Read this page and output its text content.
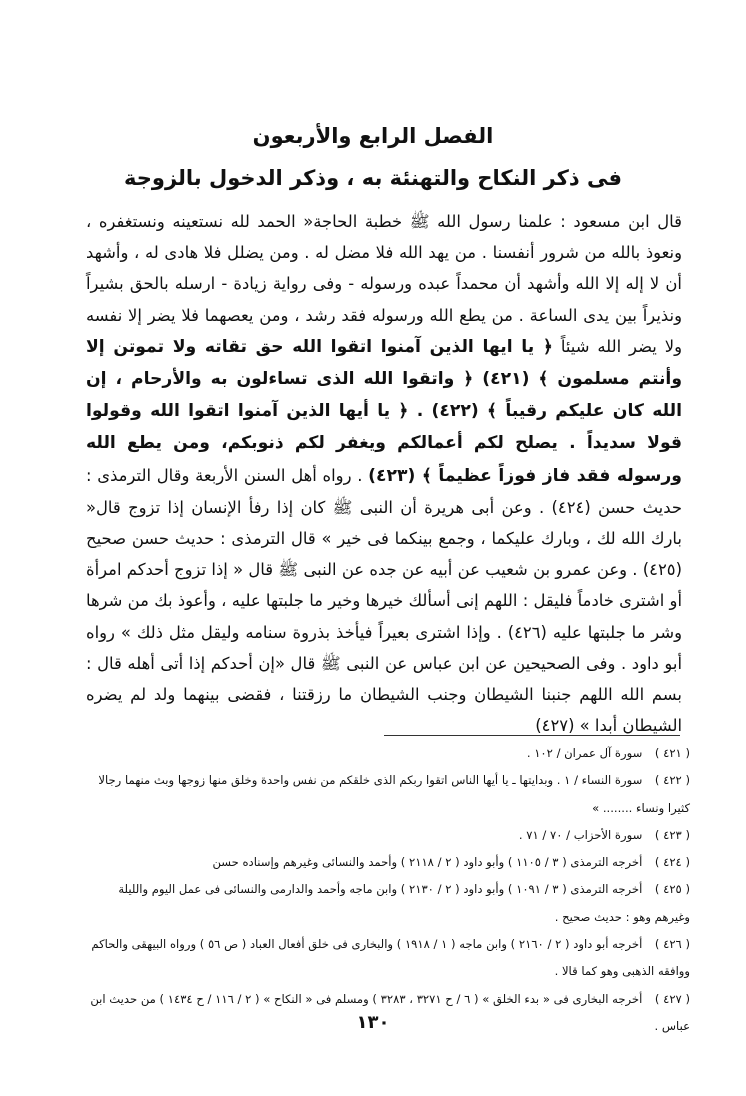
الفصل الرابع والأربعون
فى ذكر النكاح والتهنئة به ، وذكر الدخول بالزوجة

قال ابن مسعود : علمنا رسول الله ﷺ خطبة الحاجة« الحمد لله نستعينه ونستغفره ، ونعوذ بالله من شرور أنفسنا . من يهد الله فلا مضل له . ومن يضلل فلا هادى له ، وأشهد أن لا إله إلا الله وأشهد أن محمداً عبده ورسوله - وفى رواية زيادة - ارسله بالحق بشيراً ونذيراً بين يدى الساعة . من يطع الله ورسوله فقد رشد ، ومن يعصهما فلا يضر إلا نفسه ولا يضر الله شيئاً ﴿ يا ايها الذين آمنوا اتقوا الله حق تقاته ولا تموتن إلا وأنتم مسلمون ﴾ (٤٢١) ﴿ واتقوا الله الذى تساءلون به والأرحام ، إن الله كان عليكم رقيباً ﴾ (٤٢٢) . ﴿ يا أيها الذين آمنوا اتقوا الله وقولوا قولا سديداً . يصلح لكم أعمالكم ويغفر لكم ذنوبكم، ومن يطع الله ورسوله فقد فاز فوزاً عظيماً ﴾ (٤٢٣) . رواه أهل السنن الأربعة وقال الترمذى : حديث حسن (٤٢٤) . وعن أبى هريرة أن النبى ﷺ كان إذا رفأ الإنسان إذا تزوج قال« بارك الله لك ، وبارك عليكما ، وجمع بينكما فى خير » قال الترمذى : حديث حسن صحيح (٤٢٥) . وعن عمرو بن شعيب عن أبيه عن جده عن النبى ﷺ قال « إذا تزوج أحدكم امرأة أو اشترى خادماً فليقل : اللهم إنى أسألك خيرها وخير ما جلبتها عليه ، وأعوذ بك من شرها وشر ما جلبتها عليه (٤٢٦) . وإذا اشترى بعيراً فيأخذ بذروة سنامه وليقل مثل ذلك » رواه أبو داود . وفى الصحيحين عن ابن عباس عن النبى ﷺ قال «إن أحدكم إذا أتى أهله قال : بسم الله اللهم جنبنا الشيطان وجنب الشيطان ما رزقتنا ، فقضى بينهما ولد لم يضره الشيطان أبدا » (٤٢٧)

( ٤٢١ ) سورة آل عمران / ١٠٢ .

( ٤٢٢ ) سورة النساء / ١ . وبدايتها ـ يا أيها الناس اتقوا ربكم الذى خلقكم من نفس واحدة وخلق منها زوجها وبث منهما رجالا كثيرا ونساء ........ »

( ٤٢٣ ) سورة الأحزاب / ٧٠ / ٧١ .

( ٤٢٤ ) أخرجه الترمذى ( ٣ / ١١٠٥ ) وأبو داود ( ٢ / ٢١١٨ ) وأحمد والنسائى وغيرهم وإسناده حسن

( ٤٢٥ ) أخرجه الترمذى ( ٣ / ١٠٩١ ) وأبو داود ( ٢ / ٢١٣٠ ) وابن ماجه وأحمد والدارمى والنسائى فى عمل اليوم والليلة وغيرهم وهو : حديث صحيح .

( ٤٢٦ ) أخرجه أبو داود ( ٢ / ٢١٦٠ ) وابن ماجه ( ١ / ١٩١٨ ) والبخارى فى خلق أفعال العباد ( ص ٥٦ ) ورواه البيهقى والحاكم ووافقه الذهبى وهو كما قالا .

( ٤٢٧ ) أخرجه البخارى فى « بدء الخلق » ( ٦ / ح ٣٢٧١ ، ٣٢٨٣ ) ومسلم فى « النكاح » ( ٢ / ١١٦ / ح ١٤٣٤ ) من حديث ابن عباس .

١٣٠
